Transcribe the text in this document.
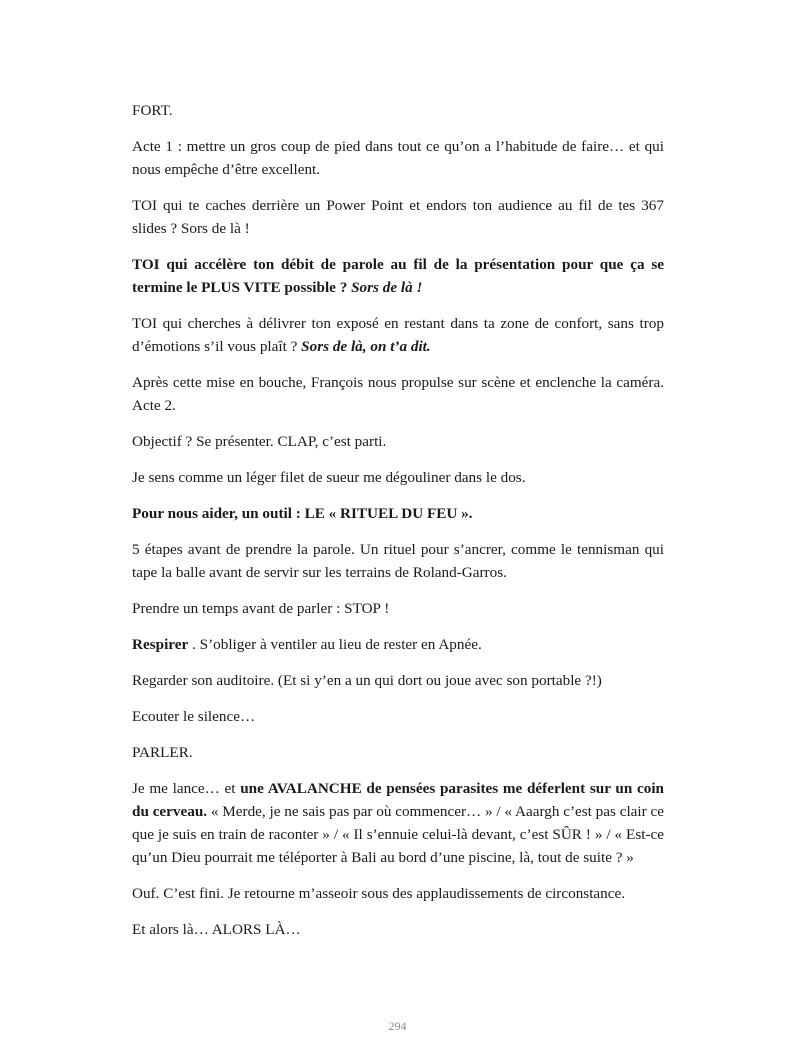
FORT.

Acte 1 : mettre un gros coup de pied dans tout ce qu’on a l’habitude de faire… et qui nous empêche d’être excellent.

TOI qui te caches derrière un Power Point et endors ton audience au fil de tes 367 slides ? Sors de là !

TOI qui accélère ton débit de parole au fil de la présentation pour que ça se termine le PLUS VITE possible ? Sors de là !

TOI qui cherches à délivrer ton exposé en restant dans ta zone de confort, sans trop d’émotions s’il vous plaît ? Sors de là, on t’a dit.

Après cette mise en bouche, François nous propulse sur scène et enclenche la caméra. Acte 2.

Objectif ? Se présenter. CLAP, c’est parti.

Je sens comme un léger filet de sueur me dégouliner dans le dos.

Pour nous aider, un outil : LE « RITUEL DU FEU ».

5 étapes avant de prendre la parole. Un rituel pour s’ancrer, comme le tennisman qui tape la balle avant de servir sur les terrains de Roland-Garros.

Prendre un temps avant de parler : STOP !

Respirer . S’obliger à ventiler au lieu de rester en Apnée.

Regarder son auditoire. (Et si y’en a un qui dort ou joue avec son portable ?!)

Ecouter le silence…

PARLER.

Je me lance… et une AVALANCHE de pensées parasites me déferlent sur un coin du cerveau. « Merde, je ne sais pas par où commencer… » / « Aaargh c’est pas clair ce que je suis en train de raconter » / « Il s’ennuie celui-là devant, c’est SÛR ! » / « Est-ce qu’un Dieu pourrait me téléporter à Bali au bord d’une piscine, là, tout de suite ? »

Ouf. C’est fini. Je retourne m’asseoir sous des applaudissements de circonstance.

Et alors là… ALORS LÀ…

294
